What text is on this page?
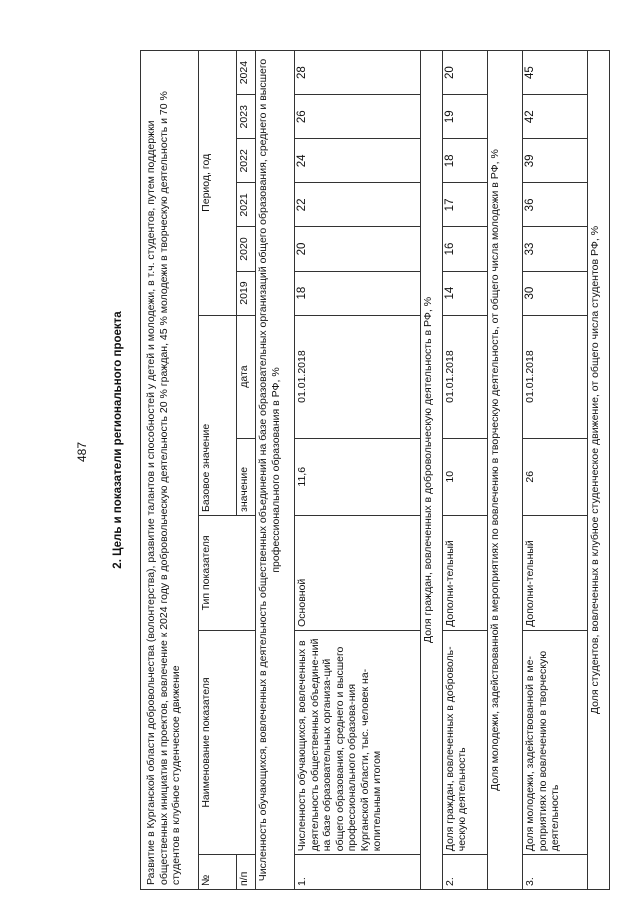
487 2. Цель и показатели регионального проекта Развитие в Курганской области добровольчества (волонтерства), развитие талантов и способностей у детей и молодежи, в т.ч. студентов, путем поддержки общественных инициатив и проектов, вовлечение к 2024 году в добровольческую деятельность 20 % граждан, 45 % молодежи в творческую деятельность и 70 % студентов в клубное студенческое движение										
№	Наименование показателя	Тип показателя	Базовое значение		Период, год					
п/п			значение	дата	2019	2020	2021	2022	2023	2024
Численность обучающихся, вовлеченных в деятельность общественных объединений на базе образовательных организаций общего образования, среднего и высшего профессионального образования в РФ, %										
1.	Численность обучающихся, вовлеченных в деятельность общественных объедине-ний на базе образовательных организа-ций общего образования, среднего и высшего профессионального образова-ния Курганской области, тыс. человек на-копительным итогом	Основной	11,6	01.01.2018	18	20	22	24	26	28
Доля граждан, вовлеченных в добровольческую деятельность в РФ, %										
2.	Доля граждан, вовлеченных в доброволь-ческую деятельность	Дополни-тельный	10	01.01.2018	14	16	17	18	19	20
Доля молодежи, задействованной в мероприятиях по вовлечению в творческую деятельность, от общего числа молодежи в РФ, %										
3.	Доля молодежи, задействованной в ме-роприятиях по вовлечению в творческую деятельность	Дополни-тельный	26	01.01.2018	30	33	36	39	42	45
Доля студентов, вовлеченных в клубное студенческое движение, от общего числа студентов РФ, %										
